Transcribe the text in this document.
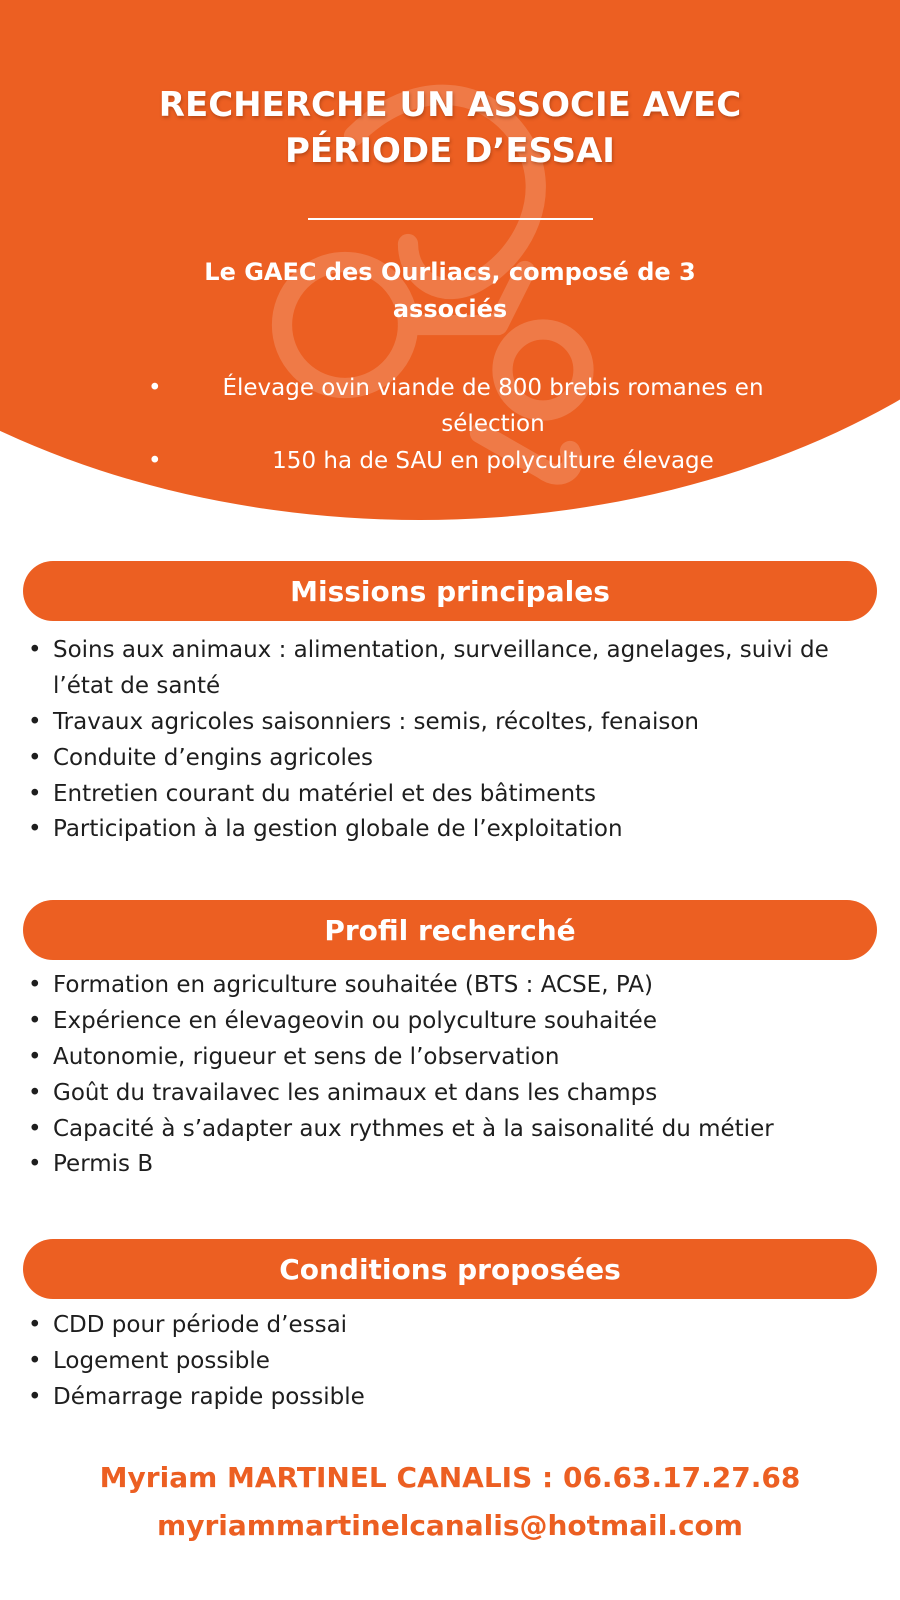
RECHERCHE UN ASSOCIE AVEC
PÉRIODE D’ESSAI

Le GAEC des Ourliacs, composé de 3 associés

• Élevage ovin viande de 800 brebis romanes en sélection
• 150 ha de SAU en polyculture élevage
Missions principales
• Soins aux animaux : alimentation, surveillance, agnelages, suivi de l’état de santé
• Travaux agricoles saisonniers : semis, récoltes, fenaison
• Conduite d’engins agricoles
• Entretien courant du matériel et des bâtiments
• Participation à la gestion globale de l’exploitation
Profil recherché
• Formation en agriculture souhaitée (BTS : ACSE, PA)
• Expérience en élevageovin ou polyculture souhaitée
• Autonomie, rigueur et sens de l’observation
• Goût du travailavec les animaux et dans les champs
• Capacité à s’adapter aux rythmes et à la saisonalité du métier
• Permis B
Conditions proposées
• CDD pour période d’essai
• Logement possible
• Démarrage rapide possible
Myriam MARTINEL CANALIS : 06.63.17.27.68
myriammartinelcanalis@hotmail.com
